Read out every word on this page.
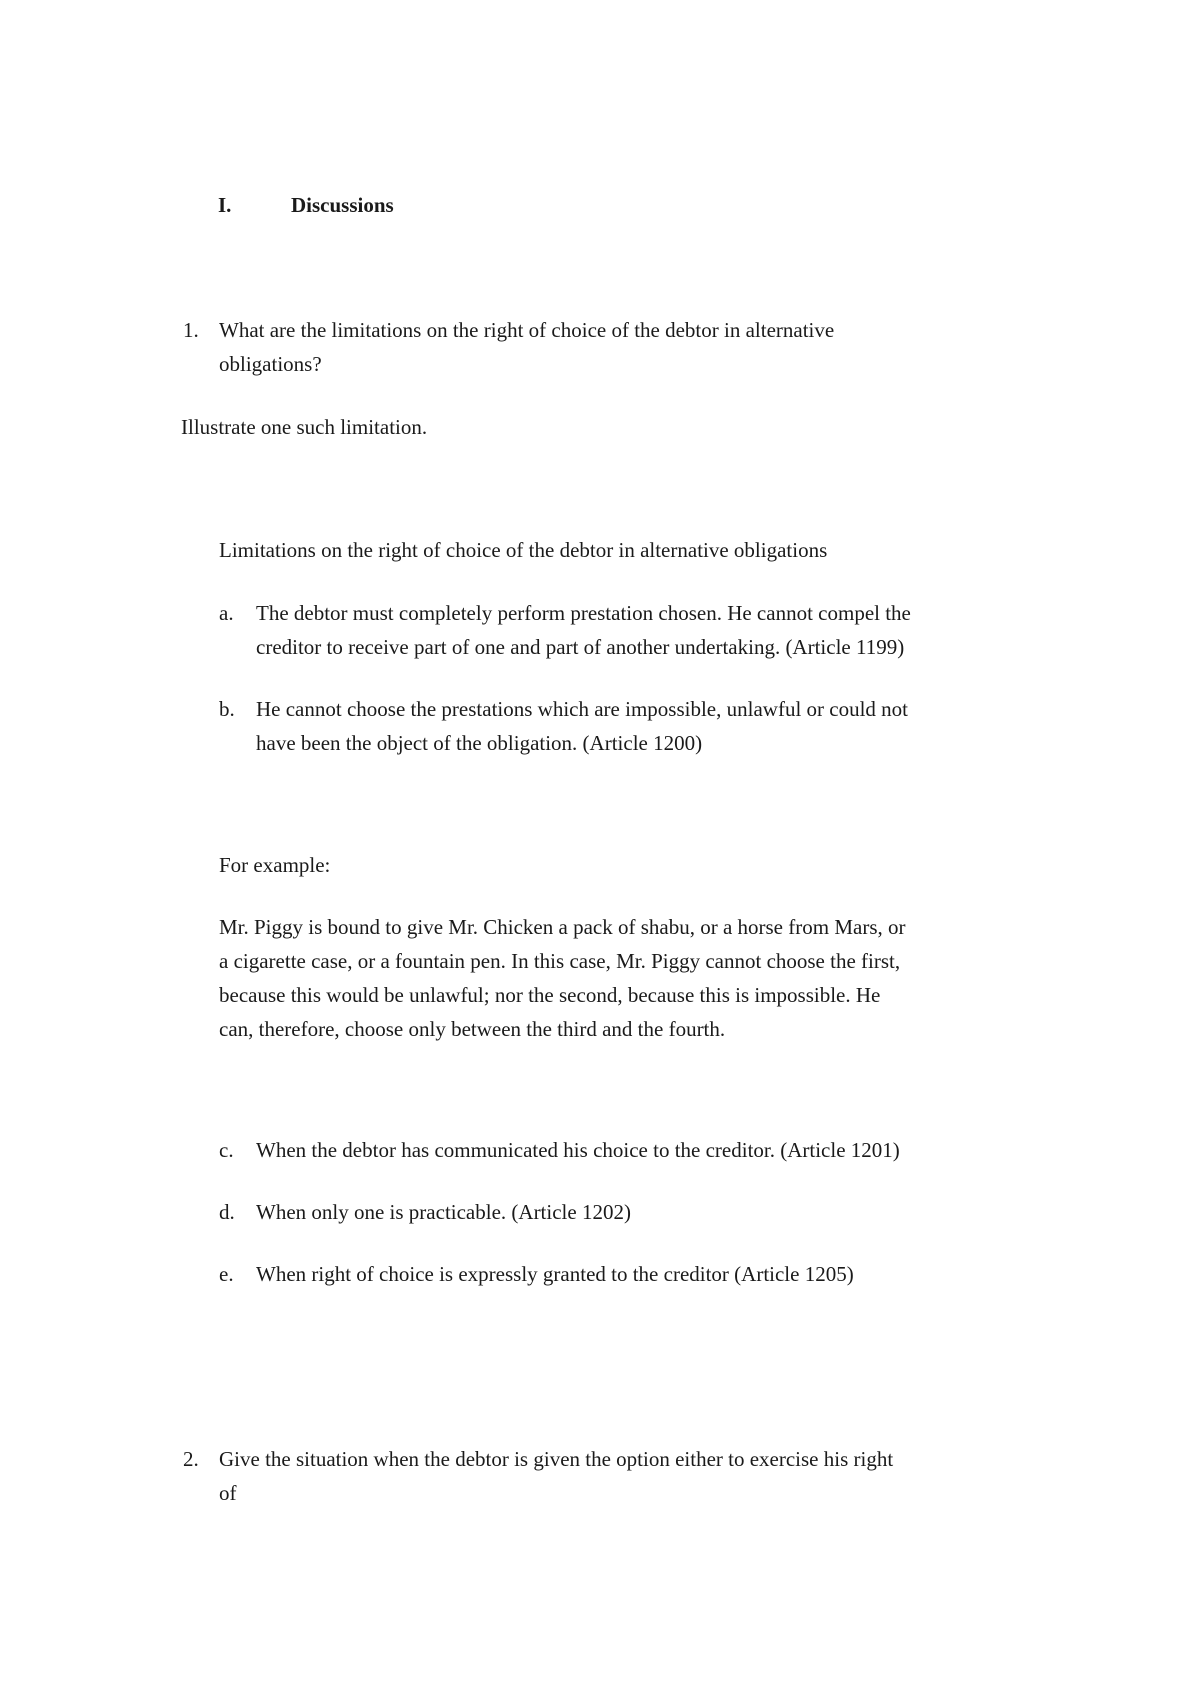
I.	Discussions
1. What are the limitations on the right of choice of the debtor in alternative
obligations?
Illustrate one such limitation.
Limitations on the right of choice of the debtor in alternative obligations
a. The debtor must completely perform prestation chosen. He cannot compel the
creditor to receive part of one and part of another undertaking. (Article 1199)
b. He cannot choose the prestations which are impossible, unlawful or could not
have been the object of the obligation. (Article 1200)
For example:
Mr. Piggy is bound to give Mr. Chicken a pack of shabu, or a horse from Mars, or
a cigarette case, or a fountain pen. In this case, Mr. Piggy cannot choose the first,
because this would be unlawful; nor the second, because this is impossible. He
can, therefore, choose only between the third and the fourth.
c. When the debtor has communicated his choice to the creditor. (Article 1201)
d. When only one is practicable. (Article 1202)
e. When right of choice is expressly granted to the creditor (Article 1205)
2. Give the situation when the debtor is given the option either to exercise his right
of
